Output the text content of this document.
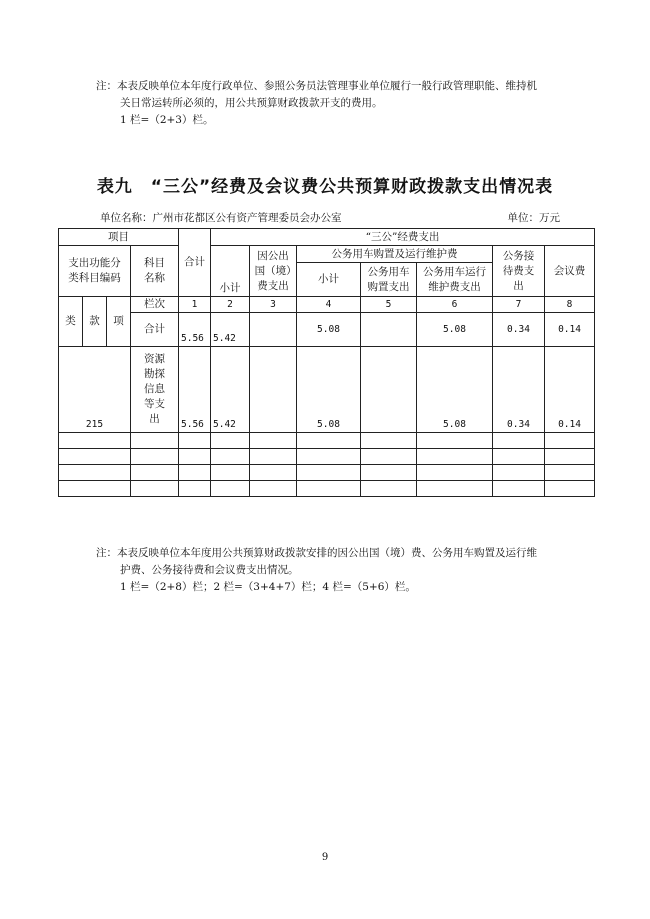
注：本表反映单位本年度行政单位、参照公务员法管理事业单位履行一般行政管理职能、维持机
关日常运转所必须的，用公共预算财政拨款开支的费用。
1 栏=（2+3）栏。
表九　“三公”经费及会议费公共预算财政拨款支出情况表
单位名称：广州市花都区公有资产管理委员会办公室	单位：万元
项目				合计	“三公”经费支出						

支出功能分类科目编码			科目名称		小计	因公出国（境）费支出	公务用车购置及运行维护费			公务接待费支出	会议费
							小计	公务用车购置支出	公务用车运行维护费支出		

类	款	项	栏次	1	2	3	4	5	6	7	8
			合计	5.56	5.42		5.08		5.08	0.34	0.14
215			资源
勘探
信息
等支
出	5.56	5.42		5.08		5.08	0.34	0.14

注：本表反映单位本年度用公共预算财政拨款安排的因公出国（境）费、公务用车购置及运行维
护费、公务接待费和会议费支出情况。
1 栏=（2+8）栏；2 栏=（3+4+7）栏；4 栏=（5+6）栏。
9
